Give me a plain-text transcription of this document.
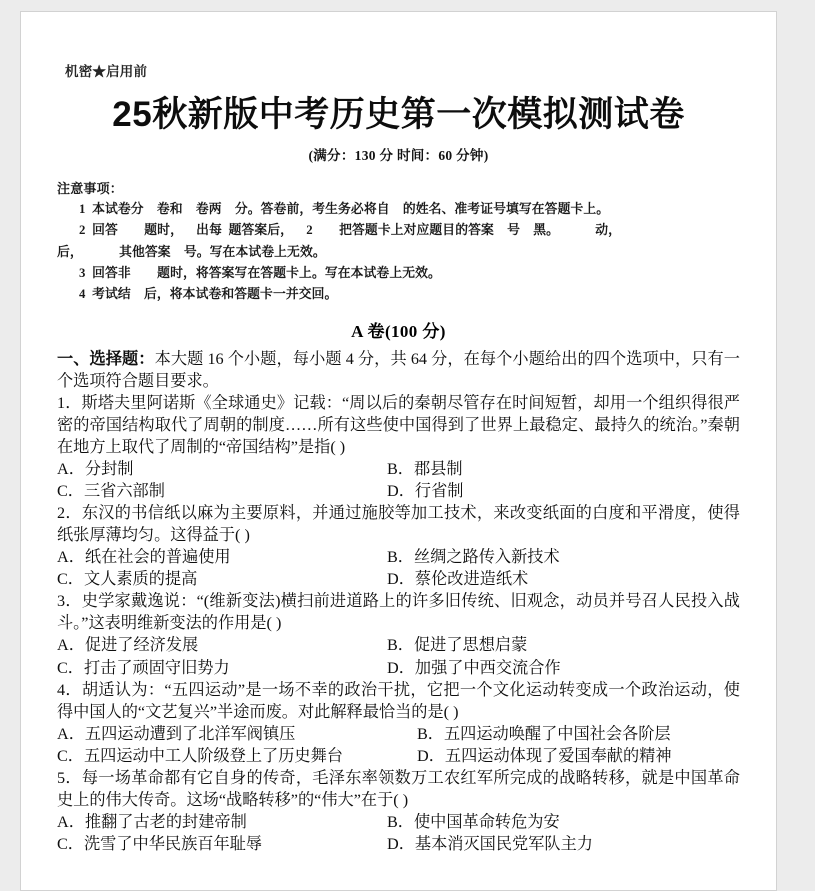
机密★启用前
25秋新版中考历史第一次模拟测试卷
(满分：130 分 时间：60 分钟)
注意事项：
1  本试卷分    卷和    卷两    分。答卷前，考生务必将自    的姓名、准考证号填写在答题卡上。
2  回答        题时，    出每  题答案后，    2        把答题卡上对应题目的答案    号    黑。           动，
后，           其他答案    号。写在本试卷上无效。
3  回答非        题时，将答案写在答题卡上。写在本试卷上无效。
4  考试结    后，将本试卷和答题卡一并交回。
A 卷(100 分)

一、选择题：本大题 16 个小题，每小题 4 分，共 64 分，在每个小题给出的四个选项中，只有一个选项符合题目要求。

1．斯塔夫里阿诺斯《全球通史》记载：“周以后的秦朝尽管存在时间短暂，却用一个组织得很严密的帝国结构取代了周朝的制度……所有这些使中国得到了世界上最稳定、最持久的统治。”秦朝在地方上取代了周制的“帝国结构”是指( )

A．分封制	B．郡县制
C．三省六部制	D．行省制

2．东汉的书信纸以麻为主要原料，并通过施胶等加工技术，来改变纸面的白度和平滑度，使得纸张厚薄均匀。这得益于( )

A．纸在社会的普遍使用	B．丝绸之路传入新技术
C．文人素质的提高	D．蔡伦改进造纸术

3．史学家戴逸说：“(维新变法)横扫前进道路上的许多旧传统、旧观念，动员并号召人民投入战斗。”这表明维新变法的作用是( )

A．促进了经济发展	B．促进了思想启蒙
C．打击了顽固守旧势力	D．加强了中西交流合作

4．胡适认为：“五四运动”是一场不幸的政治干扰，它把一个文化运动转变成一个政治运动，使得中国人的“文艺复兴”半途而废。对此解释最恰当的是( )

A．五四运动遭到了北洋军阀镇压	B．五四运动唤醒了中国社会各阶层
C．五四运动中工人阶级登上了历史舞台	D．五四运动体现了爱国奉献的精神

5．每一场革命都有它自身的传奇，毛泽东率领数万工农红军所完成的战略转移，就是中国革命史上的伟大传奇。这场“战略转移”的“伟大”在于( )

A．推翻了古老的封建帝制	B．使中国革命转危为安
C．洗雪了中华民族百年耻辱	D．基本消灭国民党军队主力
